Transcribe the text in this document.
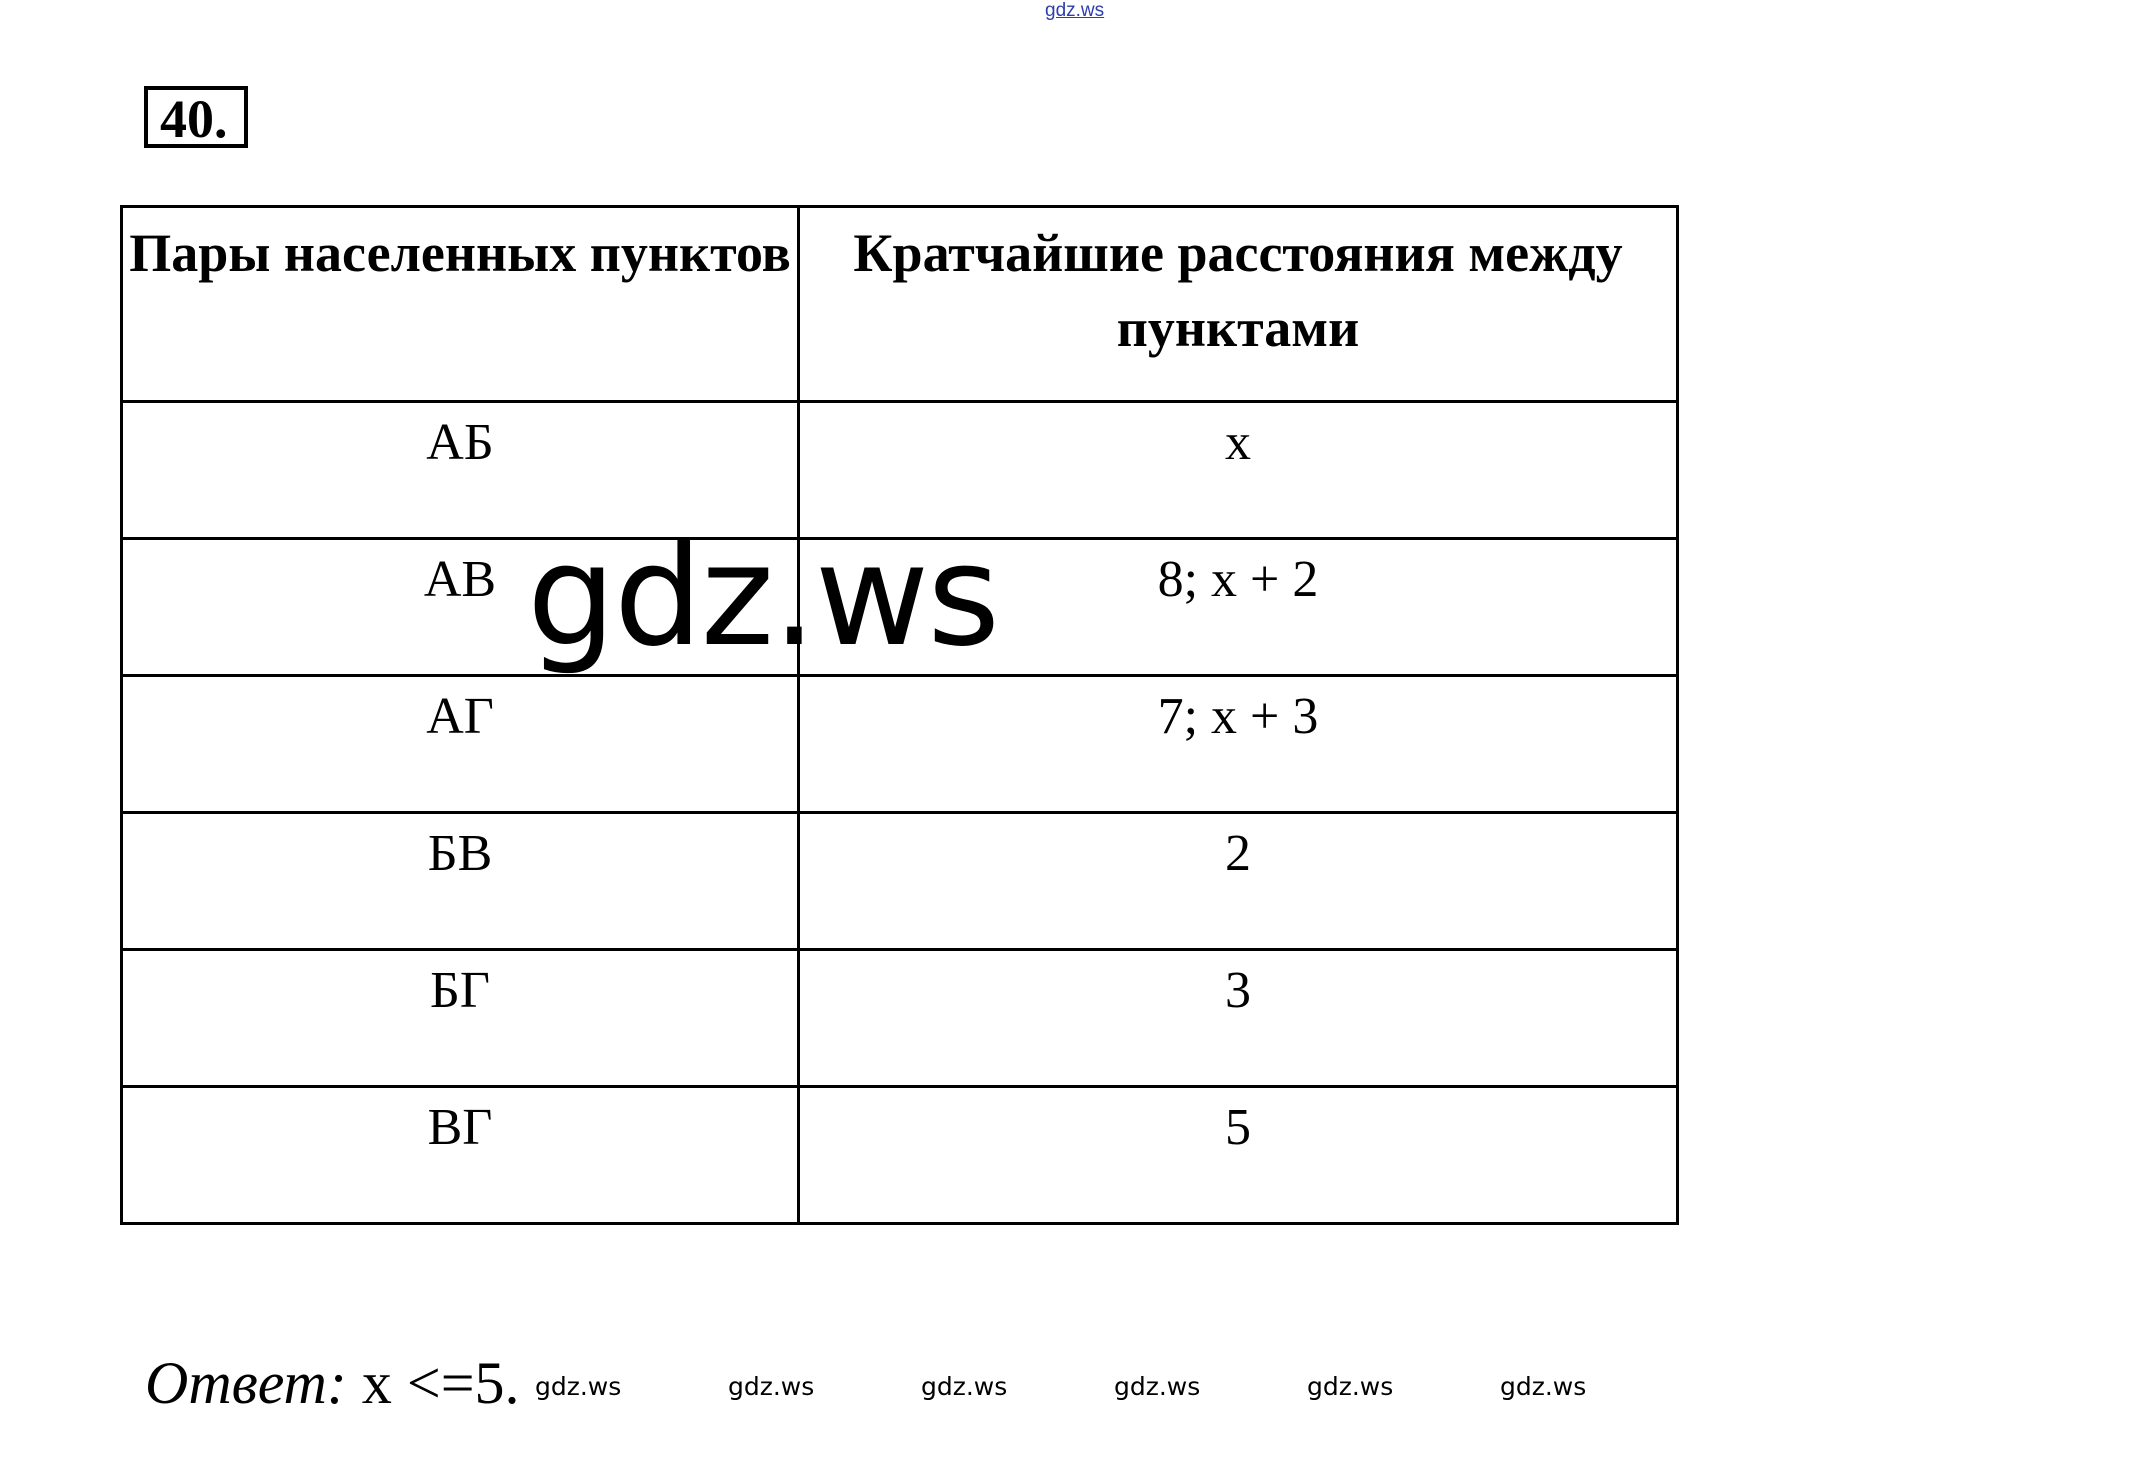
gdz.ws
40.
Пары населенных пунктов	Кратчайшие расстояния между пунктами
АБ	x
АВ	8; x + 2
АГ	7; x + 3
БВ	2
БГ	3
ВГ	5
gdz.ws
Ответ: x <=5. gdz.ws	gdz.ws	gdz.ws	gdz.ws	gdz.ws	gdz.ws
